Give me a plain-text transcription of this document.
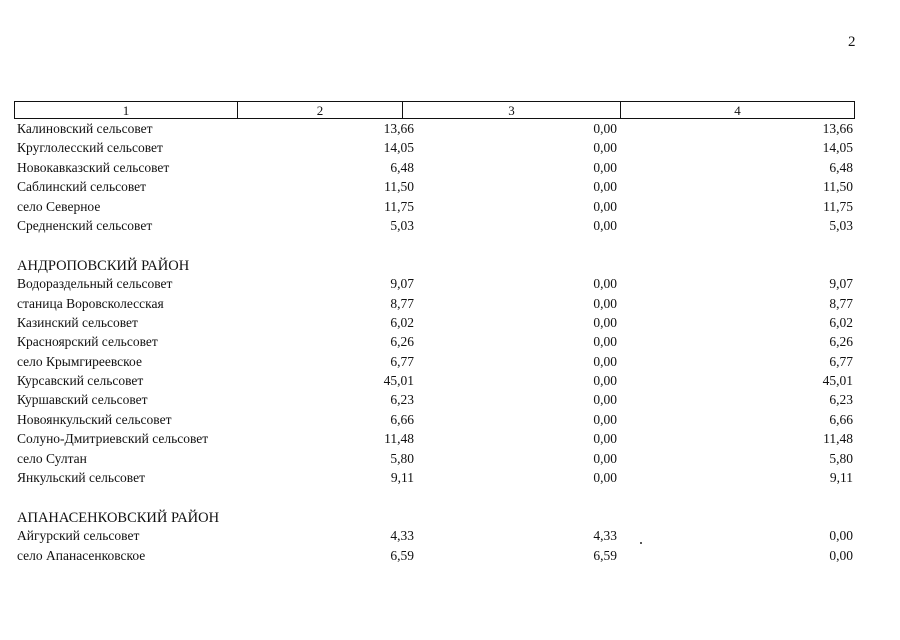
2
1	2	3	4
Калиновский сельсовет	13,66	0,00	13,66
Круглолесский сельсовет	14,05	0,00	14,05
Новокавказский сельсовет	6,48	0,00	6,48
Саблинский сельсовет	11,50	0,00	11,50
село Северное	11,75	0,00	11,75
Средненский сельсовет	5,03	0,00	5,03
АНДРОПОВСКИЙ РАЙОН
Водораздельный сельсовет	9,07	0,00	9,07
станица Воровсколесская	8,77	0,00	8,77
Казинский сельсовет	6,02	0,00	6,02
Красноярский сельсовет	6,26	0,00	6,26
село Крымгиреевское	6,77	0,00	6,77
Курсавский сельсовет	45,01	0,00	45,01
Куршавский сельсовет	6,23	0,00	6,23
Новоянкульский сельсовет	6,66	0,00	6,66
Солуно-Дмитриевский сельсовет	11,48	0,00	11,48
село Султан	5,80	0,00	5,80
Янкульский сельсовет	9,11	0,00	9,11
АПАНАСЕНКОВСКИЙ РАЙОН
Айгурский сельсовет	4,33	4,33	0,00
село Апанасенковское	6,59	6,59	0,00
